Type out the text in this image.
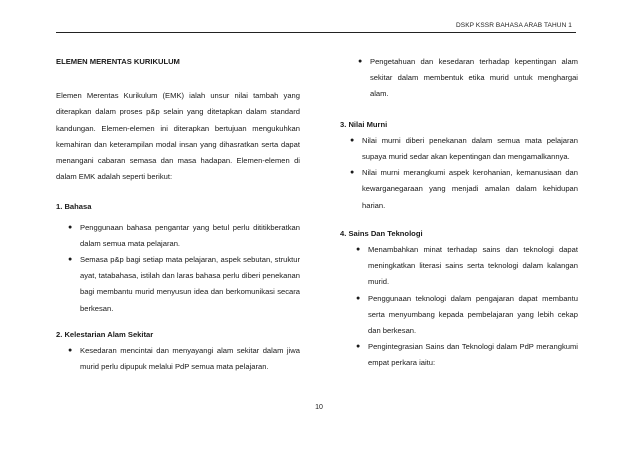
DSKP KSSR BAHASA ARAB TAHUN 1

ELEMEN MERENTAS KURIKULUM

Elemen Merentas Kurikulum (EMK) ialah unsur nilai tambah yang diterapkan dalam proses p&p selain yang ditetapkan dalam standard kandungan. Elemen-elemen ini diterapkan bertujuan mengukuhkan kemahiran dan keterampilan modal insan yang dihasratkan serta dapat menangani cabaran semasa dan masa hadapan. Elemen-elemen di dalam EMK adalah seperti berikut:

1. Bahasa

● Penggunaan bahasa pengantar yang betul perlu dititikberatkan dalam semua mata pelajaran.
● Semasa p&p bagi setiap mata pelajaran, aspek sebutan, struktur ayat, tatabahasa, istilah dan laras bahasa perlu diberi penekanan bagi membantu murid menyusun idea dan berkomunikasi secara berkesan.

2. Kelestarian Alam Sekitar

● Kesedaran mencintai dan menyayangi alam sekitar dalam jiwa murid perlu dipupuk melalui PdP semua mata pelajaran.
● Pengetahuan dan kesedaran terhadap kepentingan alam sekitar dalam membentuk etika murid untuk menghargai alam.

3. Nilai Murni

● Nilai murni diberi penekanan dalam semua mata pelajaran supaya murid sedar akan kepentingan dan mengamalkannya.
● Nilai murni merangkumi aspek kerohanian, kemanusiaan dan kewarganegaraan yang menjadi amalan dalam kehidupan harian.

4. Sains Dan Teknologi

● Menambahkan minat terhadap sains dan teknologi dapat meningkatkan literasi sains serta teknologi dalam kalangan murid.
● Penggunaan teknologi dalam pengajaran dapat membantu serta menyumbang kepada pembelajaran yang lebih cekap dan berkesan.
● Pengintegrasian Sains dan Teknologi dalam PdP merangkumi empat perkara iaitu:
10
